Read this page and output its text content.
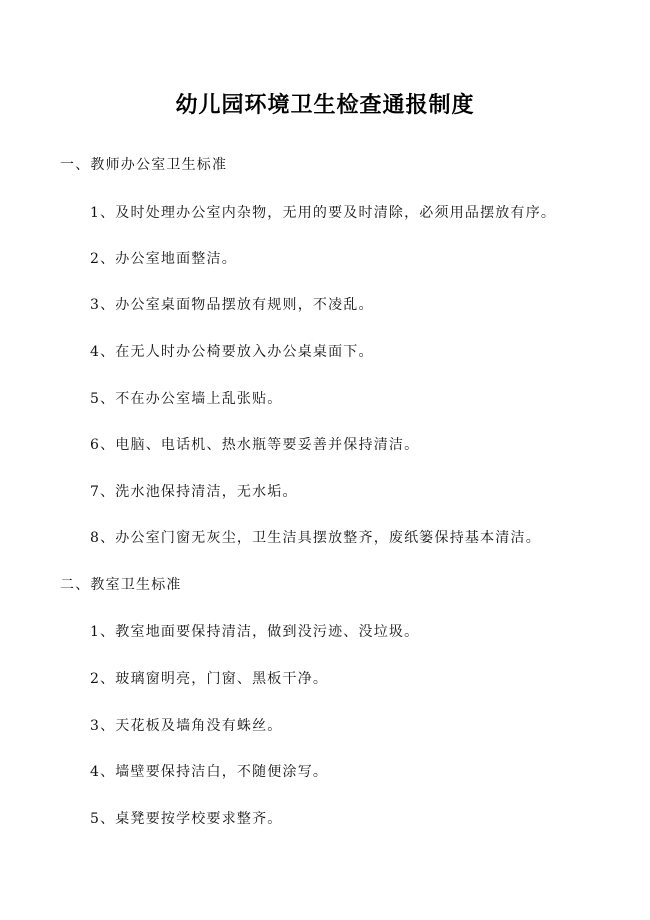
幼儿园环境卫生检查通报制度
一、教师办公室卫生标准
1、及时处理办公室内杂物，无用的要及时清除，必须用品摆放有序。
2、办公室地面整洁。
3、办公室桌面物品摆放有规则，不凌乱。
4、在无人时办公椅要放入办公桌桌面下。
5、不在办公室墙上乱张贴。
6、电脑、电话机、热水瓶等要妥善并保持清洁。
7、洗水池保持清洁，无水垢。
8、办公室门窗无灰尘，卫生洁具摆放整齐，废纸篓保持基本清洁。
二、教室卫生标准
1、教室地面要保持清洁，做到没污迹、没垃圾。
2、玻璃窗明亮，门窗、黑板干净。
3、天花板及墙角没有蛛丝。
4、墙壁要保持洁白，不随便涂写。
5、桌凳要按学校要求整齐。
